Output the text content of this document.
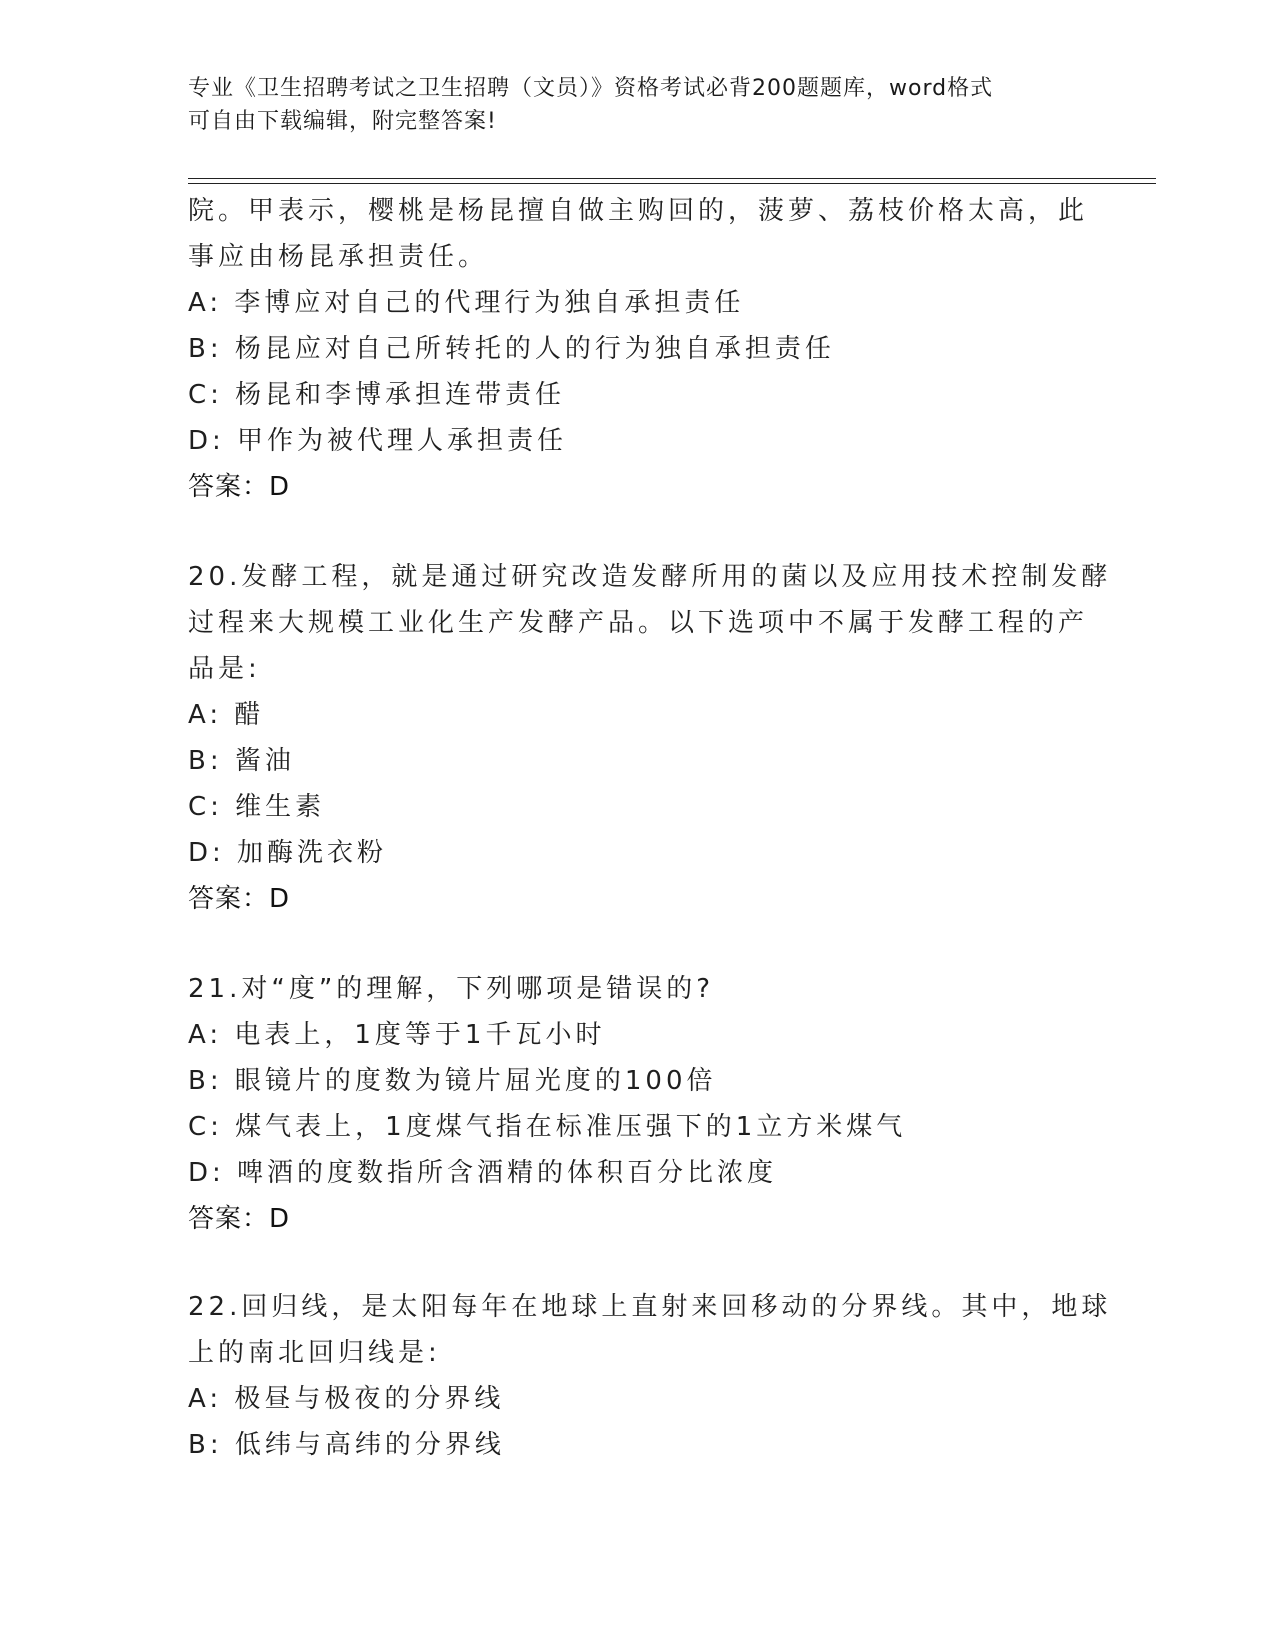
专业《卫生招聘考试之卫生招聘（文员）》资格考试必背200题题库，word格式
可自由下载编辑，附完整答案!
院。甲表示，樱桃是杨昆擅自做主购回的，菠萝、荔枝价格太高，此
事应由杨昆承担责任。
A: 李博应对自己的代理行为独自承担责任
B: 杨昆应对自己所转托的人的行为独自承担责任
C: 杨昆和李博承担连带责任
D: 甲作为被代理人承担责任
答案：D
20.发酵工程，就是通过研究改造发酵所用的菌以及应用技术控制发酵
过程来大规模工业化生产发酵产品。以下选项中不属于发酵工程的产
品是:
A: 醋
B: 酱油
C: 维生素
D: 加酶洗衣粉
答案：D
21.对“度”的理解，下列哪项是错误的?
A: 电表上，1度等于1千瓦小时
B: 眼镜片的度数为镜片屈光度的100倍
C: 煤气表上，1度煤气指在标准压强下的1立方米煤气
D: 啤酒的度数指所含酒精的体积百分比浓度
答案：D
22.回归线，是太阳每年在地球上直射来回移动的分界线。其中，地球
上的南北回归线是:
A: 极昼与极夜的分界线
B: 低纬与高纬的分界线
